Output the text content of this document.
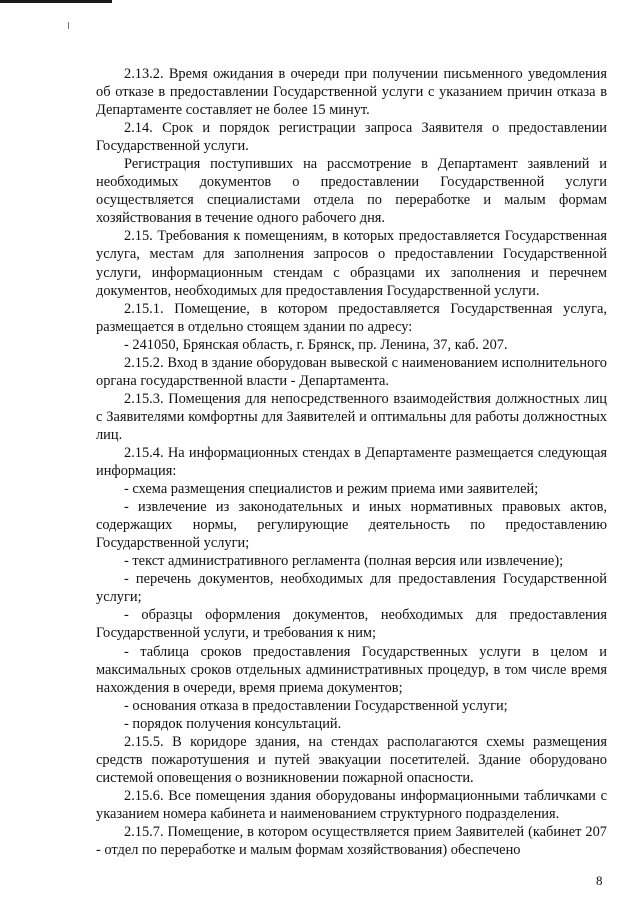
2.13.2. Время ожидания в очереди при получении письменного уведомления об отказе в предоставлении Государственной услуги с указанием причин отказа в Департаменте составляет не более 15 минут.

2.14. Срок и порядок регистрации запроса Заявителя о предоставлении Государственной услуги.

Регистрация поступивших на рассмотрение в Департамент заявлений и необходимых документов о предоставлении Государственной услуги осуществляется специалистами отдела по переработке и малым формам хозяйствования в течение одного рабочего дня.

2.15. Требования к помещениям, в которых предоставляется Государственная услуга, местам для заполнения запросов о предоставлении Государственной услуги, информационным стендам с образцами их заполнения и перечнем документов, необходимых для предоставления Государственной услуги.

2.15.1. Помещение, в котором предоставляется Государственная услуга, размещается в отдельно стоящем здании по адресу:

- 241050, Брянская область, г. Брянск, пр. Ленина, 37, каб. 207.

2.15.2. Вход в здание оборудован вывеской с наименованием исполнительного органа государственной власти - Департамента.

2.15.3. Помещения для непосредственного взаимодействия должностных лиц с Заявителями комфортны для Заявителей и оптимальны для работы должностных лиц.

2.15.4. На информационных стендах в Департаменте размещается следующая информация:

- схема размещения специалистов и режим приема ими заявителей;

- извлечение из законодательных и иных нормативных правовых актов, содержащих нормы, регулирующие деятельность по предоставлению Государственной услуги;

- текст административного регламента (полная версия или извлечение);

- перечень документов, необходимых для предоставления Государственной услуги;

- образцы оформления документов, необходимых для предоставления Государственной услуги, и требования к ним;

- таблица сроков предоставления Государственных услуги в целом и максимальных сроков отдельных административных процедур, в том числе время нахождения в очереди, время приема документов;

- основания отказа в предоставлении Государственной услуги;

- порядок получения консультаций.

2.15.5. В коридоре здания, на стендах располагаются схемы размещения средств пожаротушения и путей эвакуации посетителей. Здание оборудовано системой оповещения о возникновении пожарной опасности.

2.15.6. Все помещения здания оборудованы информационными табличками с указанием номера кабинета и наименованием структурного подразделения.

2.15.7. Помещение, в котором осуществляется прием Заявителей (кабинет 207 - отдел по переработке и малым формам хозяйствования) обеспечено

8
